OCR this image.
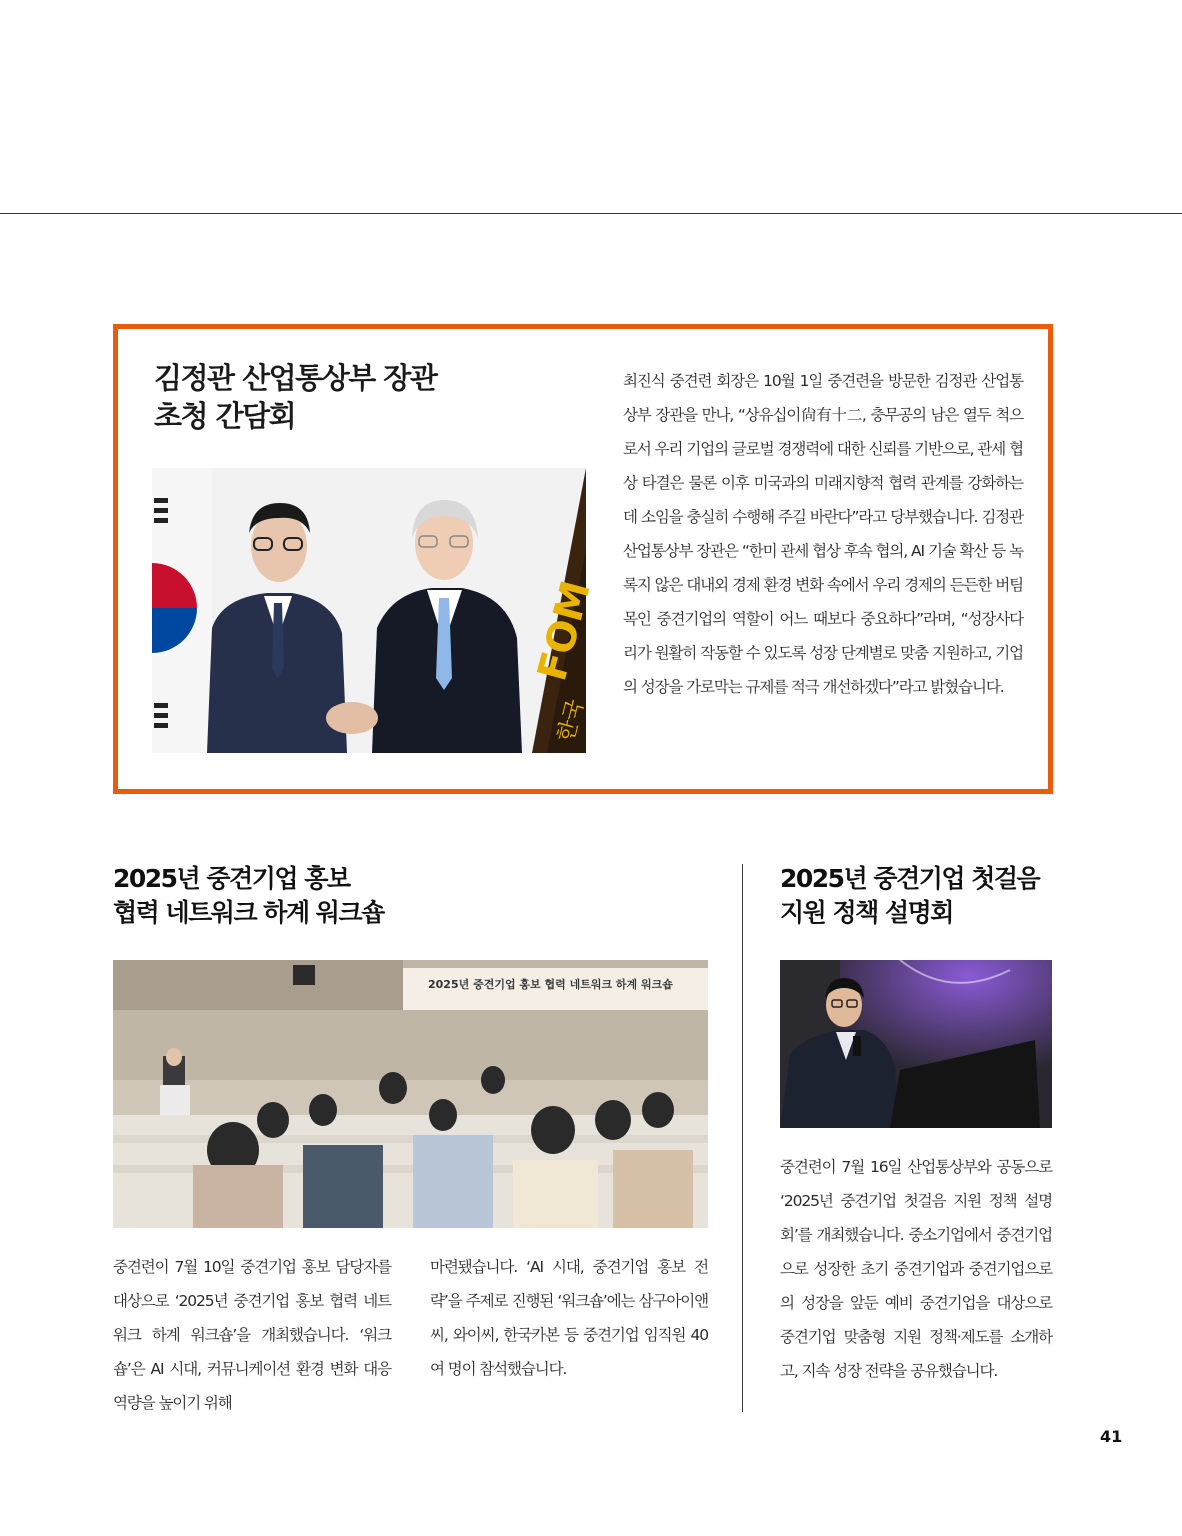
김정관 산업통상부 장관
초청 간담회
FOM
한국
최진식 중견련 회장은 10월 1일 중견련을 방문한 김정관 산업통상부 장관을 만나, “상유십이尙有十二, 충무공의 남은 열두 척으로서 우리 기업의 글로벌 경쟁력에 대한 신뢰를 기반으로, 관세 협상 타결은 물론 이후 미국과의 미래지향적 협력 관계를 강화하는 데 소임을 충실히 수행해 주길 바란다”라고 당부했습니다. 김정관 산업통상부 장관은 “한미 관세 협상 후속 협의, AI 기술 확산 등 녹록지 않은 대내외 경제 환경 변화 속에서 우리 경제의 든든한 버팀목인 중견기업의 역할이 어느 때보다 중요하다”라며, “성장사다리가 원활히 작동할 수 있도록 성장 단계별로 맞춤 지원하고, 기업의 성장을 가로막는 규제를 적극 개선하겠다”라고 밝혔습니다.
2025년 중견기업 홍보
협력 네트워크 하계 워크숍
2025년 중견기업 홍보 협력 네트워크 하계 워크숍
중견련이 7월 10일 중견기업 홍보 담당자를 대상으로 ‘2025년 중견기업 홍보 협력 네트워크 하계 워크숍’을 개최했습니다. ‘워크숍’은 AI 시대, 커뮤니케이션 환경 변화 대응 역량을 높이기 위해
마련됐습니다. ‘AI 시대, 중견기업 홍보 전략’을 주제로 진행된 ‘워크숍’에는 삼구아이앤씨, 와이씨, 한국카본 등 중견기업 임직원 40여 명이 참석했습니다.
2025년 중견기업 첫걸음
지원 정책 설명회
중견련이 7월 16일 산업통상부와 공동으로 ‘2025년 중견기업 첫걸음 지원 정책 설명회’를 개최했습니다. 중소기업에서 중견기업으로 성장한 초기 중견기업과 중견기업으로의 성장을 앞둔 예비 중견기업을 대상으로 중견기업 맞춤형 지원 정책·제도를 소개하고, 지속 성장 전략을 공유했습니다.
41
